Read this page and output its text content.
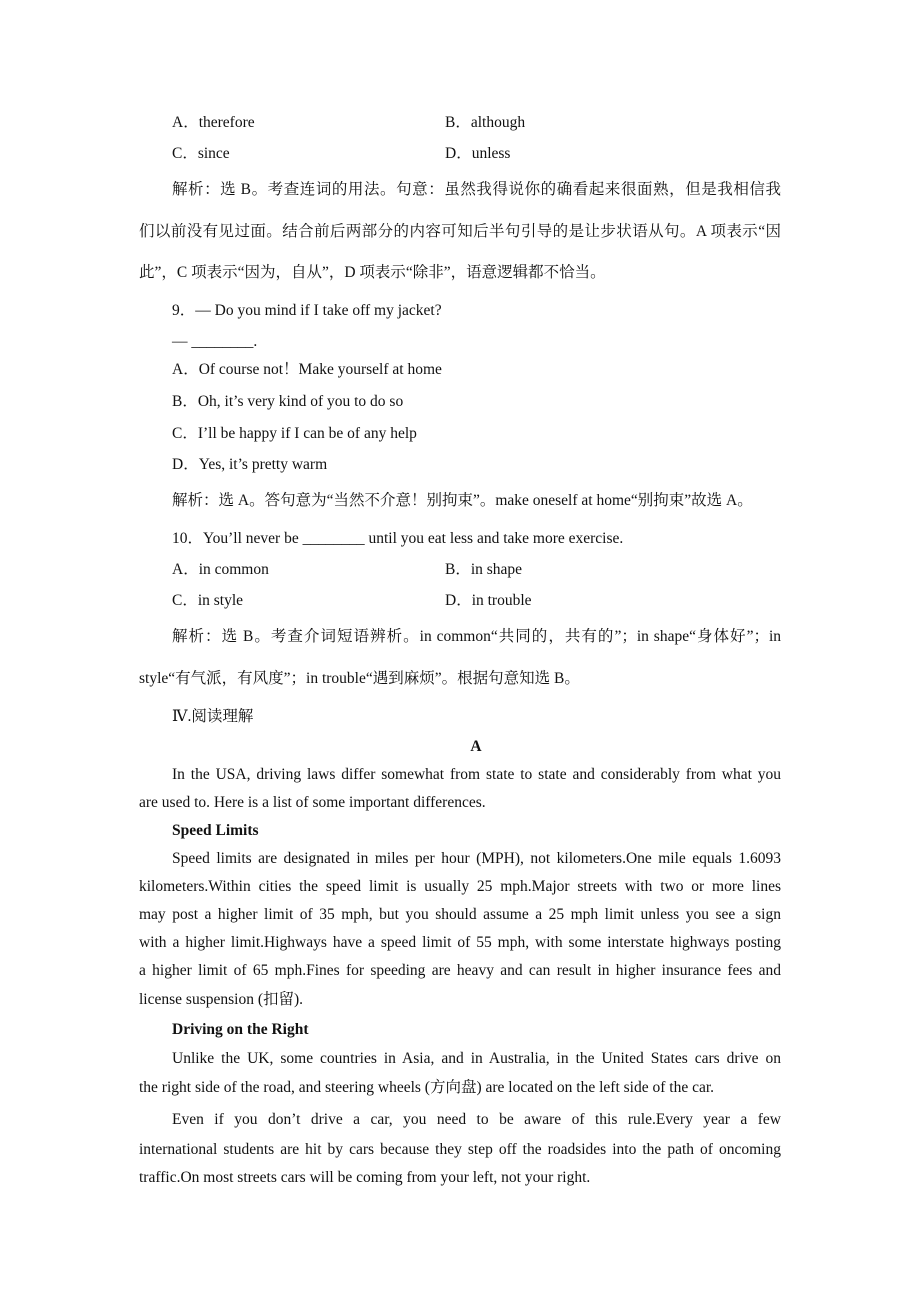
A．therefore	B．although
C．since	D．unless
解析：选 B。考查连词的用法。句意：虽然我得说你的确看起来很面熟，但是我相信我
们以前没有见过面。结合前后两部分的内容可知后半句引导的是让步状语从句。A 项表示“因
此”，C 项表示“因为，自从”，D 项表示“除非”，语意逻辑都不恰当。
9．— Do you mind if I take off my jacket?
— ________.
A．Of course not！Make yourself at home
B．Oh, it’s very kind of you to do so
C．I’ll be happy if I can be of any help
D．Yes, it’s pretty warm
解析：选 A。答句意为“当然不介意！别拘束”。make oneself at home“别拘束”故选 A。
10．You’ll never be ________ until you eat less and take more exercise.
A．in common	B．in shape
C．in style	D．in trouble
解析：选 B。考查介词短语辨析。in common“共同的，共有的”；in shape“身体好”；in
style“有气派，有风度”；in trouble“遇到麻烦”。根据句意知选 B。
Ⅳ.阅读理解
A
In the USA, driving laws differ somewhat from state to state and considerably from what you
are used to. Here is a list of some important differences.
Speed Limits
Speed limits are designated in miles per hour (MPH), not kilometers.One mile equals 1.6093
kilometers.Within cities the speed limit is usually 25 mph.Major streets with two or more lines
may post a higher limit of 35 mph, but you should assume a 25 mph limit unless you see a sign
with a higher limit.Highways have a speed limit of 55 mph, with some interstate highways posting
a higher limit of 65 mph.Fines for speeding are heavy and can result in higher insurance fees and
license suspension (扣留).
Driving on the Right
Unlike the UK, some countries in Asia, and in Australia, in the United States cars drive on
the right side of the road, and steering wheels (方向盘) are located on the left side of the car.
Even if you don’t drive a car, you need to be aware of this rule.Every year a few
international students are hit by cars because they step off the roadsides into the path of oncoming
traffic.On most streets cars will be coming from your left, not your right.
